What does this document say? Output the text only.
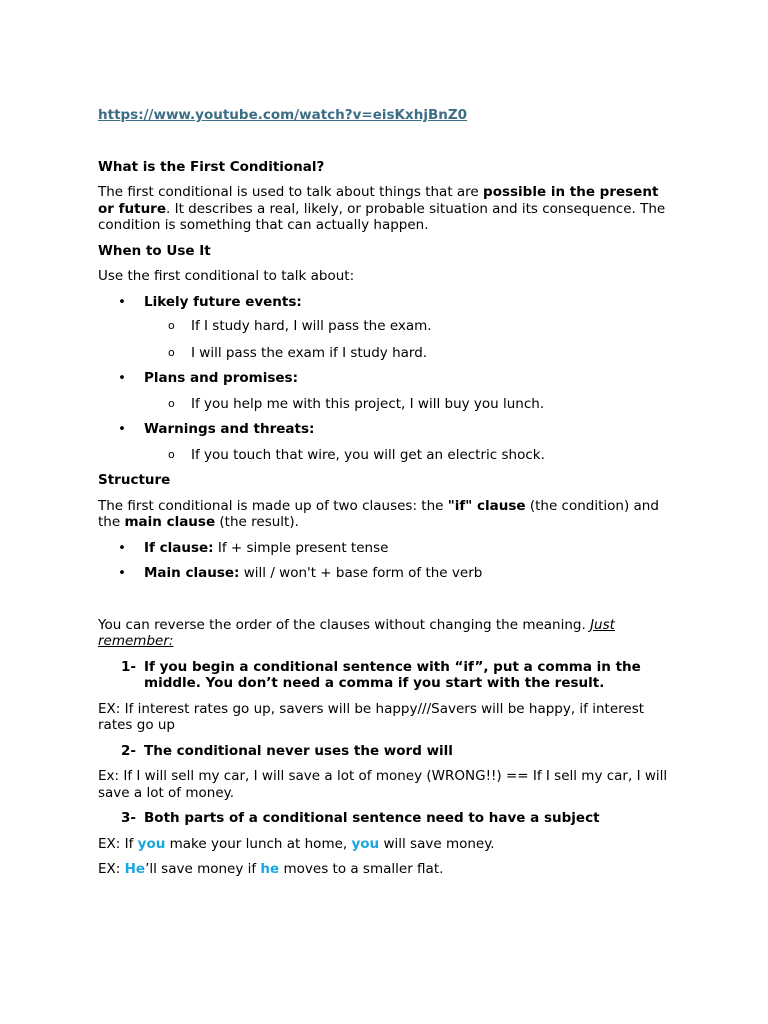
https://www.youtube.com/watch?v=eisKxhjBnZ0

What is the First Conditional?

The first conditional is used to talk about things that are possible in the present or future. It describes a real, likely, or probable situation and its consequence. The condition is something that can actually happen.

When to Use It

Use the first conditional to talk about:

• Likely future events:

o If I study hard, I will pass the exam.

o I will pass the exam if I study hard.

• Plans and promises:

o If you help me with this project, I will buy you lunch.

• Warnings and threats:

o If you touch that wire, you will get an electric shock.

Structure

The first conditional is made up of two clauses: the "if" clause (the condition) and the main clause (the result).

• If clause: If + simple present tense

• Main clause: will / won't + base form of the verb

You can reverse the order of the clauses without changing the meaning. Just remember:

1- If you begin a conditional sentence with “if”, put a comma in the middle. You don’t need a comma if you start with the result.

EX: If interest rates go up, savers will be happy///Savers will be happy, if interest rates go up

2- The conditional never uses the word will

Ex: If I will sell my car, I will save a lot of money (WRONG!!) == If I sell my car, I will save a lot of money.

3- Both parts of a conditional sentence need to have a subject

EX: If you make your lunch at home, you will save money.

EX: He’ll save money if he moves to a smaller flat.
